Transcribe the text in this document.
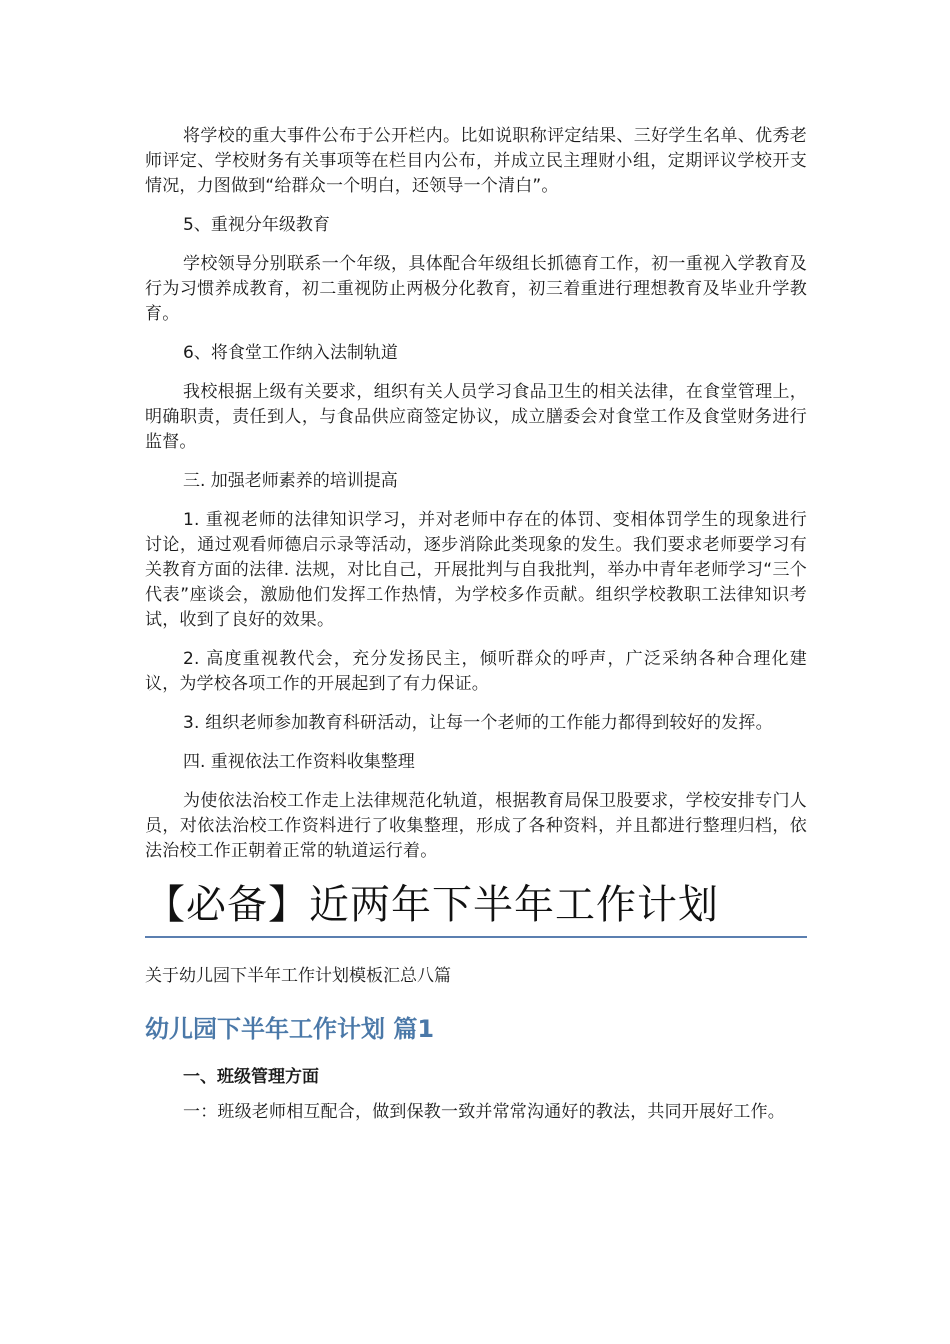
将学校的重大事件公布于公开栏内。比如说职称评定结果、三好学生名单、优秀老师评定、学校财务有关事项等在栏目内公布，并成立民主理财小组，定期评议学校开支情况，力图做到“给群众一个明白，还领导一个清白”。

5、重视分年级教育

学校领导分别联系一个年级，具体配合年级组长抓德育工作，初一重视入学教育及行为习惯养成教育，初二重视防止两极分化教育，初三着重进行理想教育及毕业升学教育。

6、将食堂工作纳入法制轨道

我校根据上级有关要求，组织有关人员学习食品卫生的相关法律，在食堂管理上，明确职责，责任到人，与食品供应商签定协议，成立膳委会对食堂工作及食堂财务进行监督。

三. 加强老师素养的培训提高

1. 重视老师的法律知识学习，并对老师中存在的体罚、变相体罚学生的现象进行讨论，通过观看师德启示录等活动，逐步消除此类现象的发生。我们要求老师要学习有关教育方面的法律. 法规，对比自己，开展批判与自我批判，举办中青年老师学习“三个代表”座谈会，激励他们发挥工作热情，为学校多作贡献。组织学校教职工法律知识考试，收到了良好的效果。

2. 高度重视教代会，充分发扬民主，倾听群众的呼声，广泛采纳各种合理化建议，为学校各项工作的开展起到了有力保证。

3. 组织老师参加教育科研活动，让每一个老师的工作能力都得到较好的发挥。

四. 重视依法工作资料收集整理

为使依法治校工作走上法律规范化轨道，根据教育局保卫股要求，学校安排专门人员，对依法治校工作资料进行了收集整理，形成了各种资料，并且都进行整理归档，依法治校工作正朝着正常的轨道运行着。

【必备】近两年下半年工作计划

关于幼儿园下半年工作计划模板汇总八篇

幼儿园下半年工作计划 篇1

一、班级管理方面

一：班级老师相互配合，做到保教一致并常常沟通好的教法，共同开展好工作。
